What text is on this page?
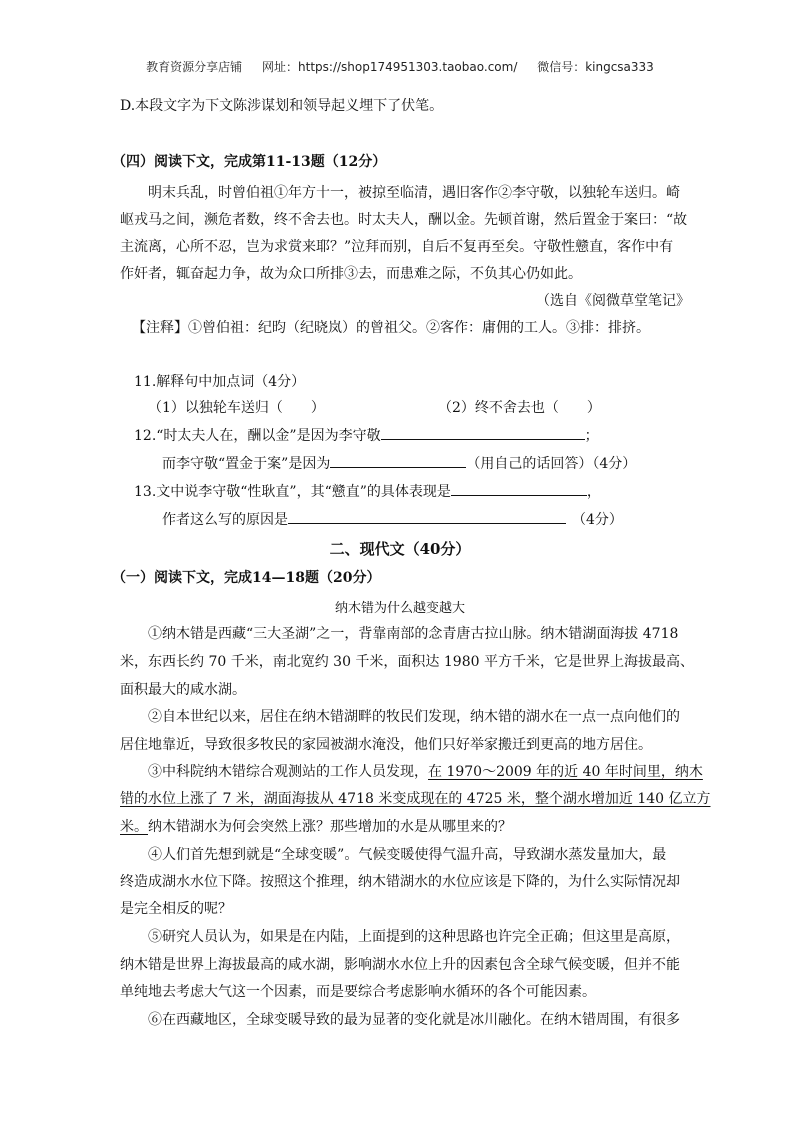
教育资源分享店铺 网址：https://shop174951303.taobao.com/ 微信号：kingcsa333
D.本段文字为下文陈涉谋划和领导起义埋下了伏笔。
（四）阅读下文，完成第11-13题（12分）
明末兵乱，时曾伯祖①年方十一，被掠至临清，遇旧客作②李守敬，以独轮车送归。崎
岖戎马之间，濒危者数，终不舍去也。时太夫人，酬以金。先顿首谢，然后置金于案曰：“故
主流离，心所不忍，岂为求赏来耶？”泣拜而别，自后不复再至矣。守敬性戆直，客作中有
作奸者，辄奋起力争，故为众口所排③去，而患难之际，不负其心仍如此。
（选自《阅微草堂笔记》
【注释】①曾伯祖：纪昀（纪晓岚）的曾祖父。②客作：庸佣的工人。③排：排挤。
11.解释句中加点词（4分）
（1）以独轮车送归（　　）	（2）终不舍去也（　　）
12.“时太夫人在，酬以金”是因为李守敬	；
而李守敬“置金于案”是因为	（用自己的话回答）（4分）
13.文中说李守敬“性耿直”，其“戆直”的具体表现是	，
作者这么写的原因是	（4分）
二、现代文（40分）
（一）阅读下文，完成14—18题（20分）
纳木错为什么越变越大
①纳木错是西藏“三大圣湖”之一，背靠南部的念青唐古拉山脉。纳木错湖面海拔 4718
米，东西长约 70 千米，南北宽约 30 千米，面积达 1980 平方千米，它是世界上海拔最高、
面积最大的咸水湖。
②自本世纪以来，居住在纳木错湖畔的牧民们发现，纳木错的湖水在一点一点向他们的
居住地靠近，导致很多牧民的家园被湖水淹没，他们只好举家搬迁到更高的地方居住。
③中科院纳木错综合观测站的工作人员发现，在 1970～2009 年的近 40 年时间里，纳木
错的水位上涨了 7 米，湖面海拔从 4718 米变成现在的 4725 米，整个湖水增加近 140 亿立方
米。纳木错湖水为何会突然上涨？那些增加的水是从哪里来的？
④人们首先想到就是“全球变暖”。气候变暖使得气温升高，导致湖水蒸发量加大，最
终造成湖水水位下降。按照这个推理，纳木错湖水的水位应该是下降的，为什么实际情况却
是完全相反的呢？
⑤研究人员认为，如果是在内陆，上面提到的这种思路也许完全正确；但这里是高原，
纳木错是世界上海拔最高的咸水湖，影响湖水水位上升的因素包含全球气候变暖，但并不能
单纯地去考虑大气这一个因素，而是要综合考虑影响水循环的各个可能因素。
⑥在西藏地区，全球变暖导致的最为显著的变化就是冰川融化。在纳木错周围，有很多
